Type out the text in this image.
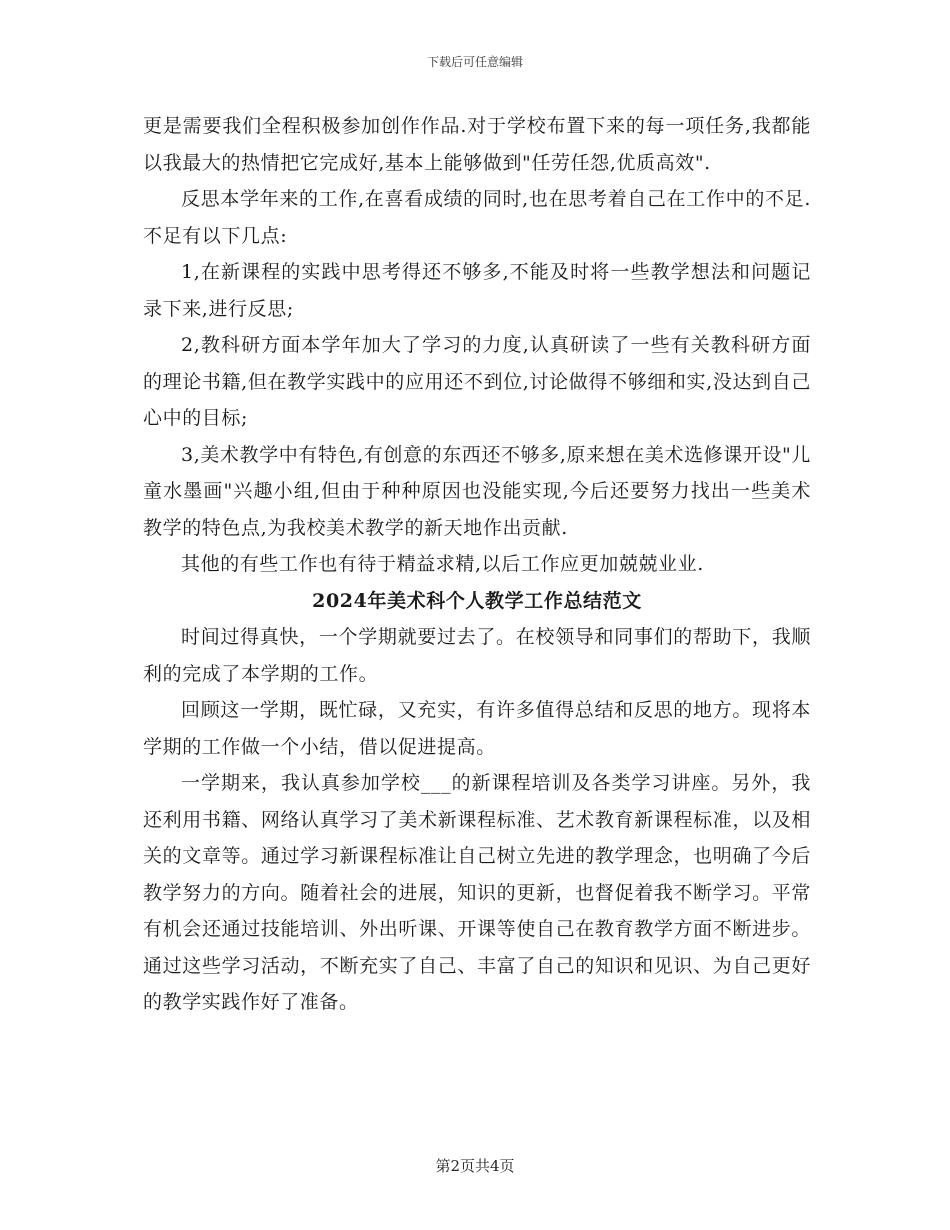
下载后可任意编辑

更是需要我们全程积极参加创作作品.对于学校布置下来的每一项任务,我都能以我最大的热情把它完成好,基本上能够做到"任劳任怨,优质高效".

反思本学年来的工作,在喜看成绩的同时,也在思考着自己在工作中的不足.不足有以下几点:

1,在新课程的实践中思考得还不够多,不能及时将一些教学想法和问题记录下来,进行反思;

2,教科研方面本学年加大了学习的力度,认真研读了一些有关教科研方面的理论书籍,但在教学实践中的应用还不到位,讨论做得不够细和实,没达到自己心中的目标;

3,美术教学中有特色,有创意的东西还不够多,原来想在美术选修课开设"儿童水墨画"兴趣小组,但由于种种原因也没能实现,今后还要努力找出一些美术教学的特色点,为我校美术教学的新天地作出贡献.

其他的有些工作也有待于精益求精,以后工作应更加兢兢业业.

2024年美术科个人教学工作总结范文

时间过得真快，一个学期就要过去了。在校领导和同事们的帮助下，我顺利的完成了本学期的工作。

回顾这一学期，既忙碌，又充实，有许多值得总结和反思的地方。现将本学期的工作做一个小结，借以促进提高。

一学期来，我认真参加学校___的新课程培训及各类学习讲座。另外，我还利用书籍、网络认真学习了美术新课程标准、艺术教育新课程标准，以及相关的文章等。通过学习新课程标准让自己树立先进的教学理念，也明确了今后教学努力的方向。随着社会的进展，知识的更新，也督促着我不断学习。平常有机会还通过技能培训、外出听课、开课等使自己在教育教学方面不断进步。通过这些学习活动，不断充实了自己、丰富了自己的知识和见识、为自己更好的教学实践作好了准备。

第2页共4页
